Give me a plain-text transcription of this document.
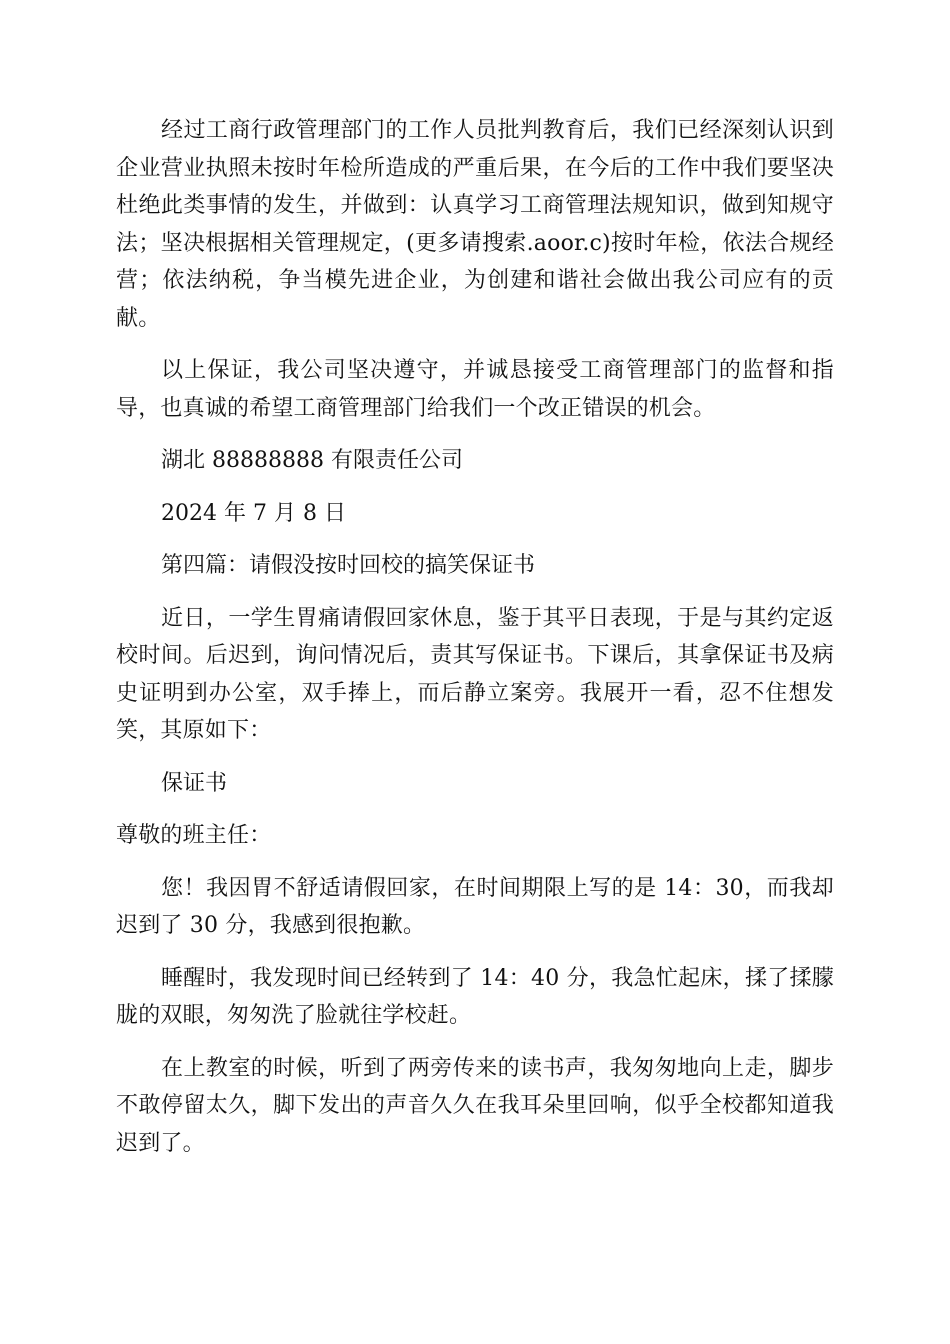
经过工商行政管理部门的工作人员批判教育后，我们已经深刻认识到企业营业执照未按时年检所造成的严重后果，在今后的工作中我们要坚决杜绝此类事情的发生，并做到：认真学习工商管理法规知识，做到知规守法；坚决根据相关管理规定，(更多请搜索.aoor.c)按时年检，依法合规经营；依法纳税，争当模先进企业，为创建和谐社会做出我公司应有的贡献。

以上保证，我公司坚决遵守，并诚恳接受工商管理部门的监督和指导，也真诚的希望工商管理部门给我们一个改正错误的机会。

湖北 88888888 有限责任公司

2024 年 7 月 8 日

第四篇：请假没按时回校的搞笑保证书

近日，一学生胃痛请假回家休息，鉴于其平日表现，于是与其约定返校时间。后迟到，询问情况后，责其写保证书。下课后，其拿保证书及病史证明到办公室，双手捧上，而后静立案旁。我展开一看，忍不住想发笑，其原如下：

保证书

尊敬的班主任：

您！我因胃不舒适请假回家，在时间期限上写的是 14：30，而我却迟到了 30 分，我感到很抱歉。

睡醒时，我发现时间已经转到了 14：40 分，我急忙起床，揉了揉朦胧的双眼，匆匆洗了脸就往学校赶。

在上教室的时候，听到了两旁传来的读书声，我匆匆地向上走，脚步不敢停留太久，脚下发出的声音久久在我耳朵里回响，似乎全校都知道我迟到了。
